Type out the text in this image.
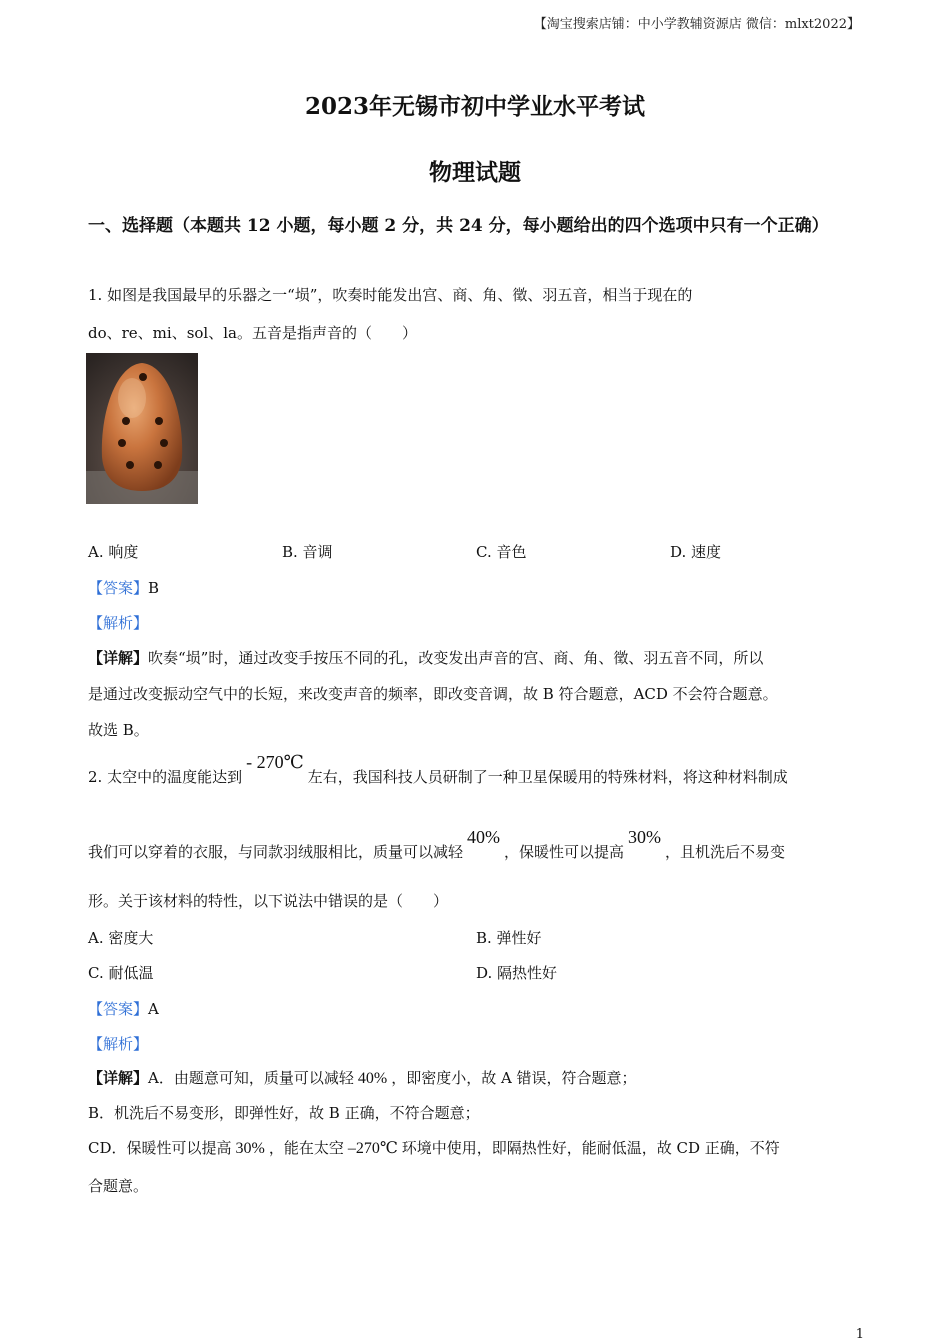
【淘宝搜索店铺：中小学教辅资源店 微信：mlxt2022】
2023年无锡市初中学业水平考试
物理试题
一、选择题（本题共 12 小题，每小题 2 分，共 24 分，每小题给出的四个选项中只有一个正确）
1. 如图是我国最早的乐器之一“埙”，吹奏时能发出宫、商、角、徵、羽五音，相当于现在的
do、re、mi、sol、la。五音是指声音的（　　）
A. 响度	B. 音调	C. 音色	D. 速度
【答案】B
【解析】
【详解】吹奏“埙”时，通过改变手按压不同的孔，改变发出声音的宫、商、角、徵、羽五音不同，所以
是通过改变振动空气中的长短，来改变声音的频率，即改变音调，故 B 符合题意，ACD 不会符合题意。
故选 B。
2. 太空中的温度能达到- 270℃左右，我国科技人员研制了一种卫星保暖用的特殊材料，将这种材料制成
我们可以穿着的衣服，与同款羽绒服相比，质量可以减轻40%，保暖性可以提高30%，且机洗后不易变
形。关于该材料的特性，以下说法中错误的是（　　）
A. 密度大	B. 弹性好
C. 耐低温	D. 隔热性好
【答案】A
【解析】
【详解】A．由题意可知，质量可以减轻 40% ，即密度小，故 A 错误，符合题意；
B．机洗后不易变形，即弹性好，故 B 正确，不符合题意；
CD．保暖性可以提高 30% ，能在太空 –270℃ 环境中使用，即隔热性好，能耐低温，故 CD 正确，不符
合题意。
1
